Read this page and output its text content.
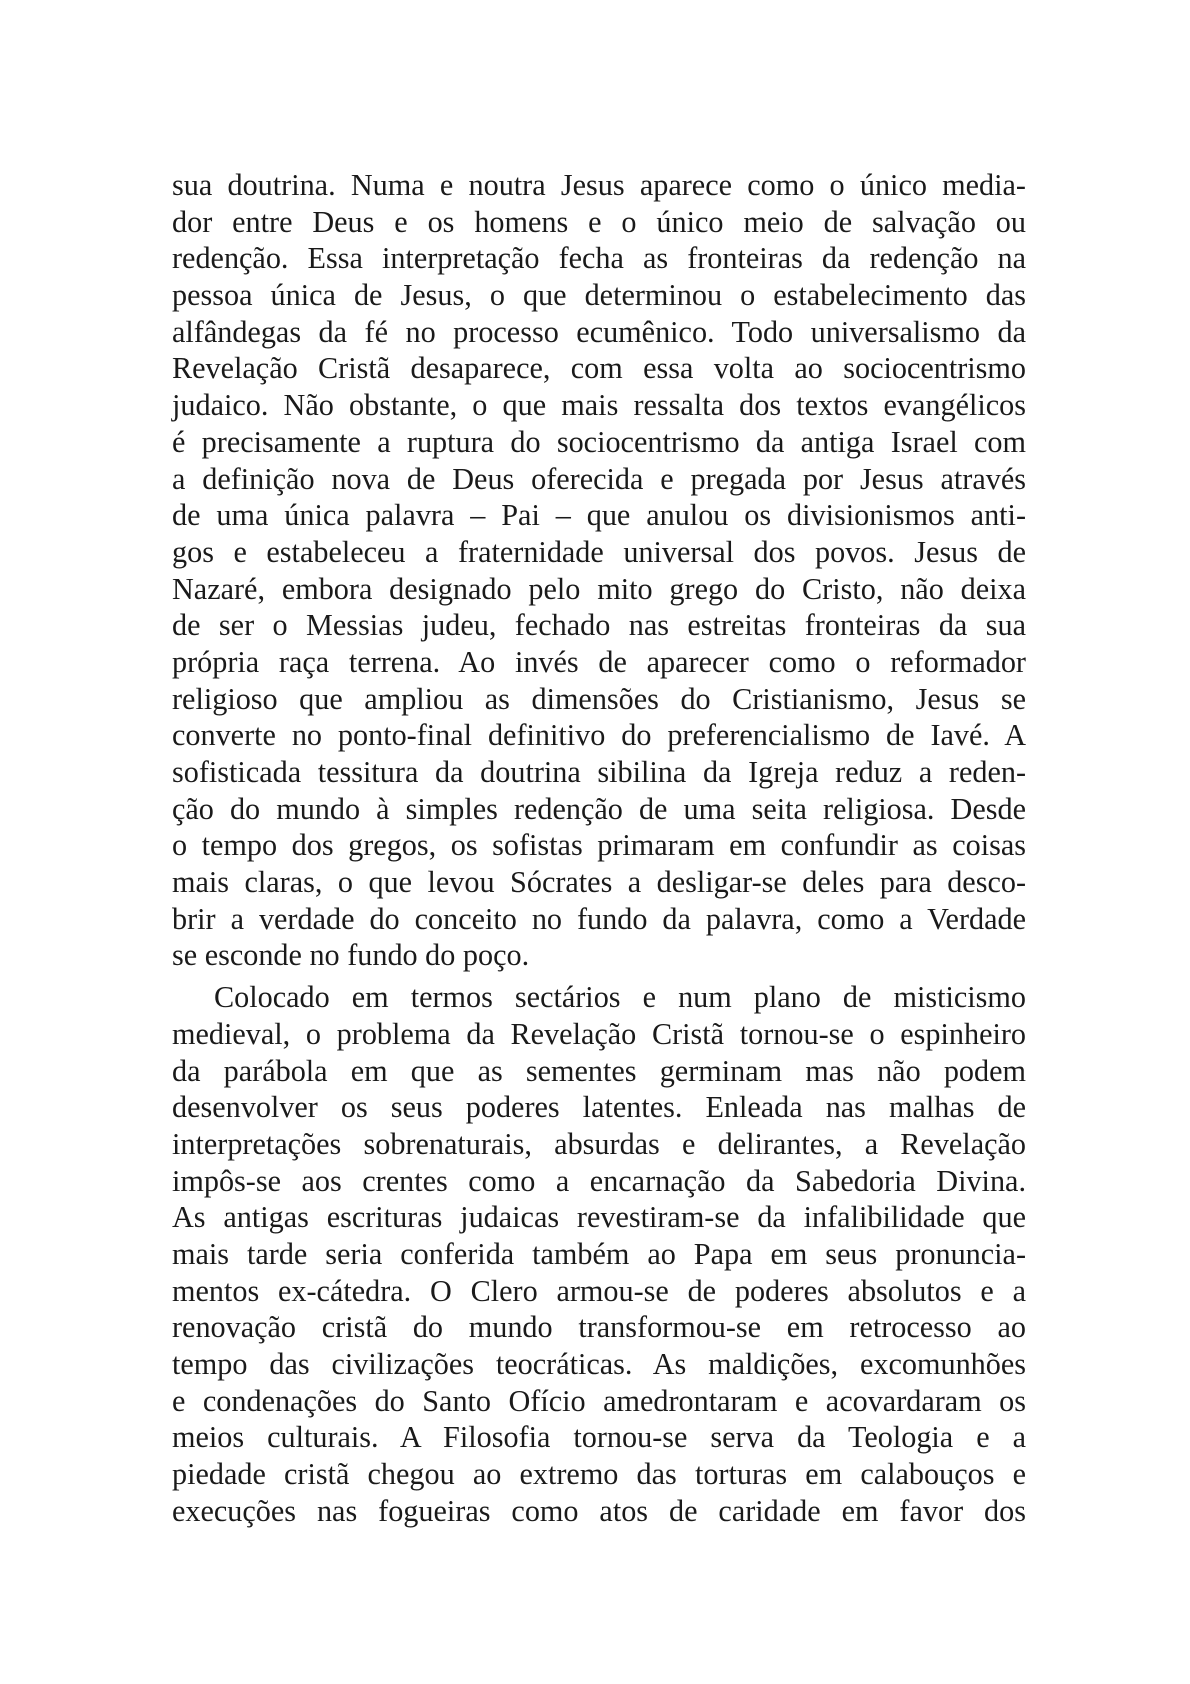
sua doutrina. Numa e noutra Jesus aparece como o único media-
dor entre Deus e os homens e o único meio de salvação ou
redenção. Essa interpretação fecha as fronteiras da redenção na
pessoa única de Jesus, o que determinou o estabelecimento das
alfândegas da fé no processo ecumênico. Todo universalismo da
Revelação Cristã desaparece, com essa volta ao sociocentrismo
judaico. Não obstante, o que mais ressalta dos textos evangélicos
é precisamente a ruptura do sociocentrismo da antiga Israel com
a definição nova de Deus oferecida e pregada por Jesus através
de uma única palavra – Pai – que anulou os divisionismos anti-
gos e estabeleceu a fraternidade universal dos povos. Jesus de
Nazaré, embora designado pelo mito grego do Cristo, não deixa
de ser o Messias judeu, fechado nas estreitas fronteiras da sua
própria raça terrena. Ao invés de aparecer como o reformador
religioso que ampliou as dimensões do Cristianismo, Jesus se
converte no ponto-final definitivo do preferencialismo de Iavé. A
sofisticada tessitura da doutrina sibilina da Igreja reduz a reden-
ção do mundo à simples redenção de uma seita religiosa. Desde
o tempo dos gregos, os sofistas primaram em confundir as coisas
mais claras, o que levou Sócrates a desligar-se deles para desco-
brir a verdade do conceito no fundo da palavra, como a Verdade
se esconde no fundo do poço.

Colocado em termos sectários e num plano de misticismo
medieval, o problema da Revelação Cristã tornou-se o espinheiro
da parábola em que as sementes germinam mas não podem
desenvolver os seus poderes latentes. Enleada nas malhas de
interpretações sobrenaturais, absurdas e delirantes, a Revelação
impôs-se aos crentes como a encarnação da Sabedoria Divina.
As antigas escrituras judaicas revestiram-se da infalibilidade que
mais tarde seria conferida também ao Papa em seus pronuncia-
mentos ex-cátedra. O Clero armou-se de poderes absolutos e a
renovação cristã do mundo transformou-se em retrocesso ao
tempo das civilizações teocráticas. As maldições, excomunhões
e condenações do Santo Ofício amedrontaram e acovardaram os
meios culturais. A Filosofia tornou-se serva da Teologia e a
piedade cristã chegou ao extremo das torturas em calabouços e
execuções nas fogueiras como atos de caridade em favor dos
